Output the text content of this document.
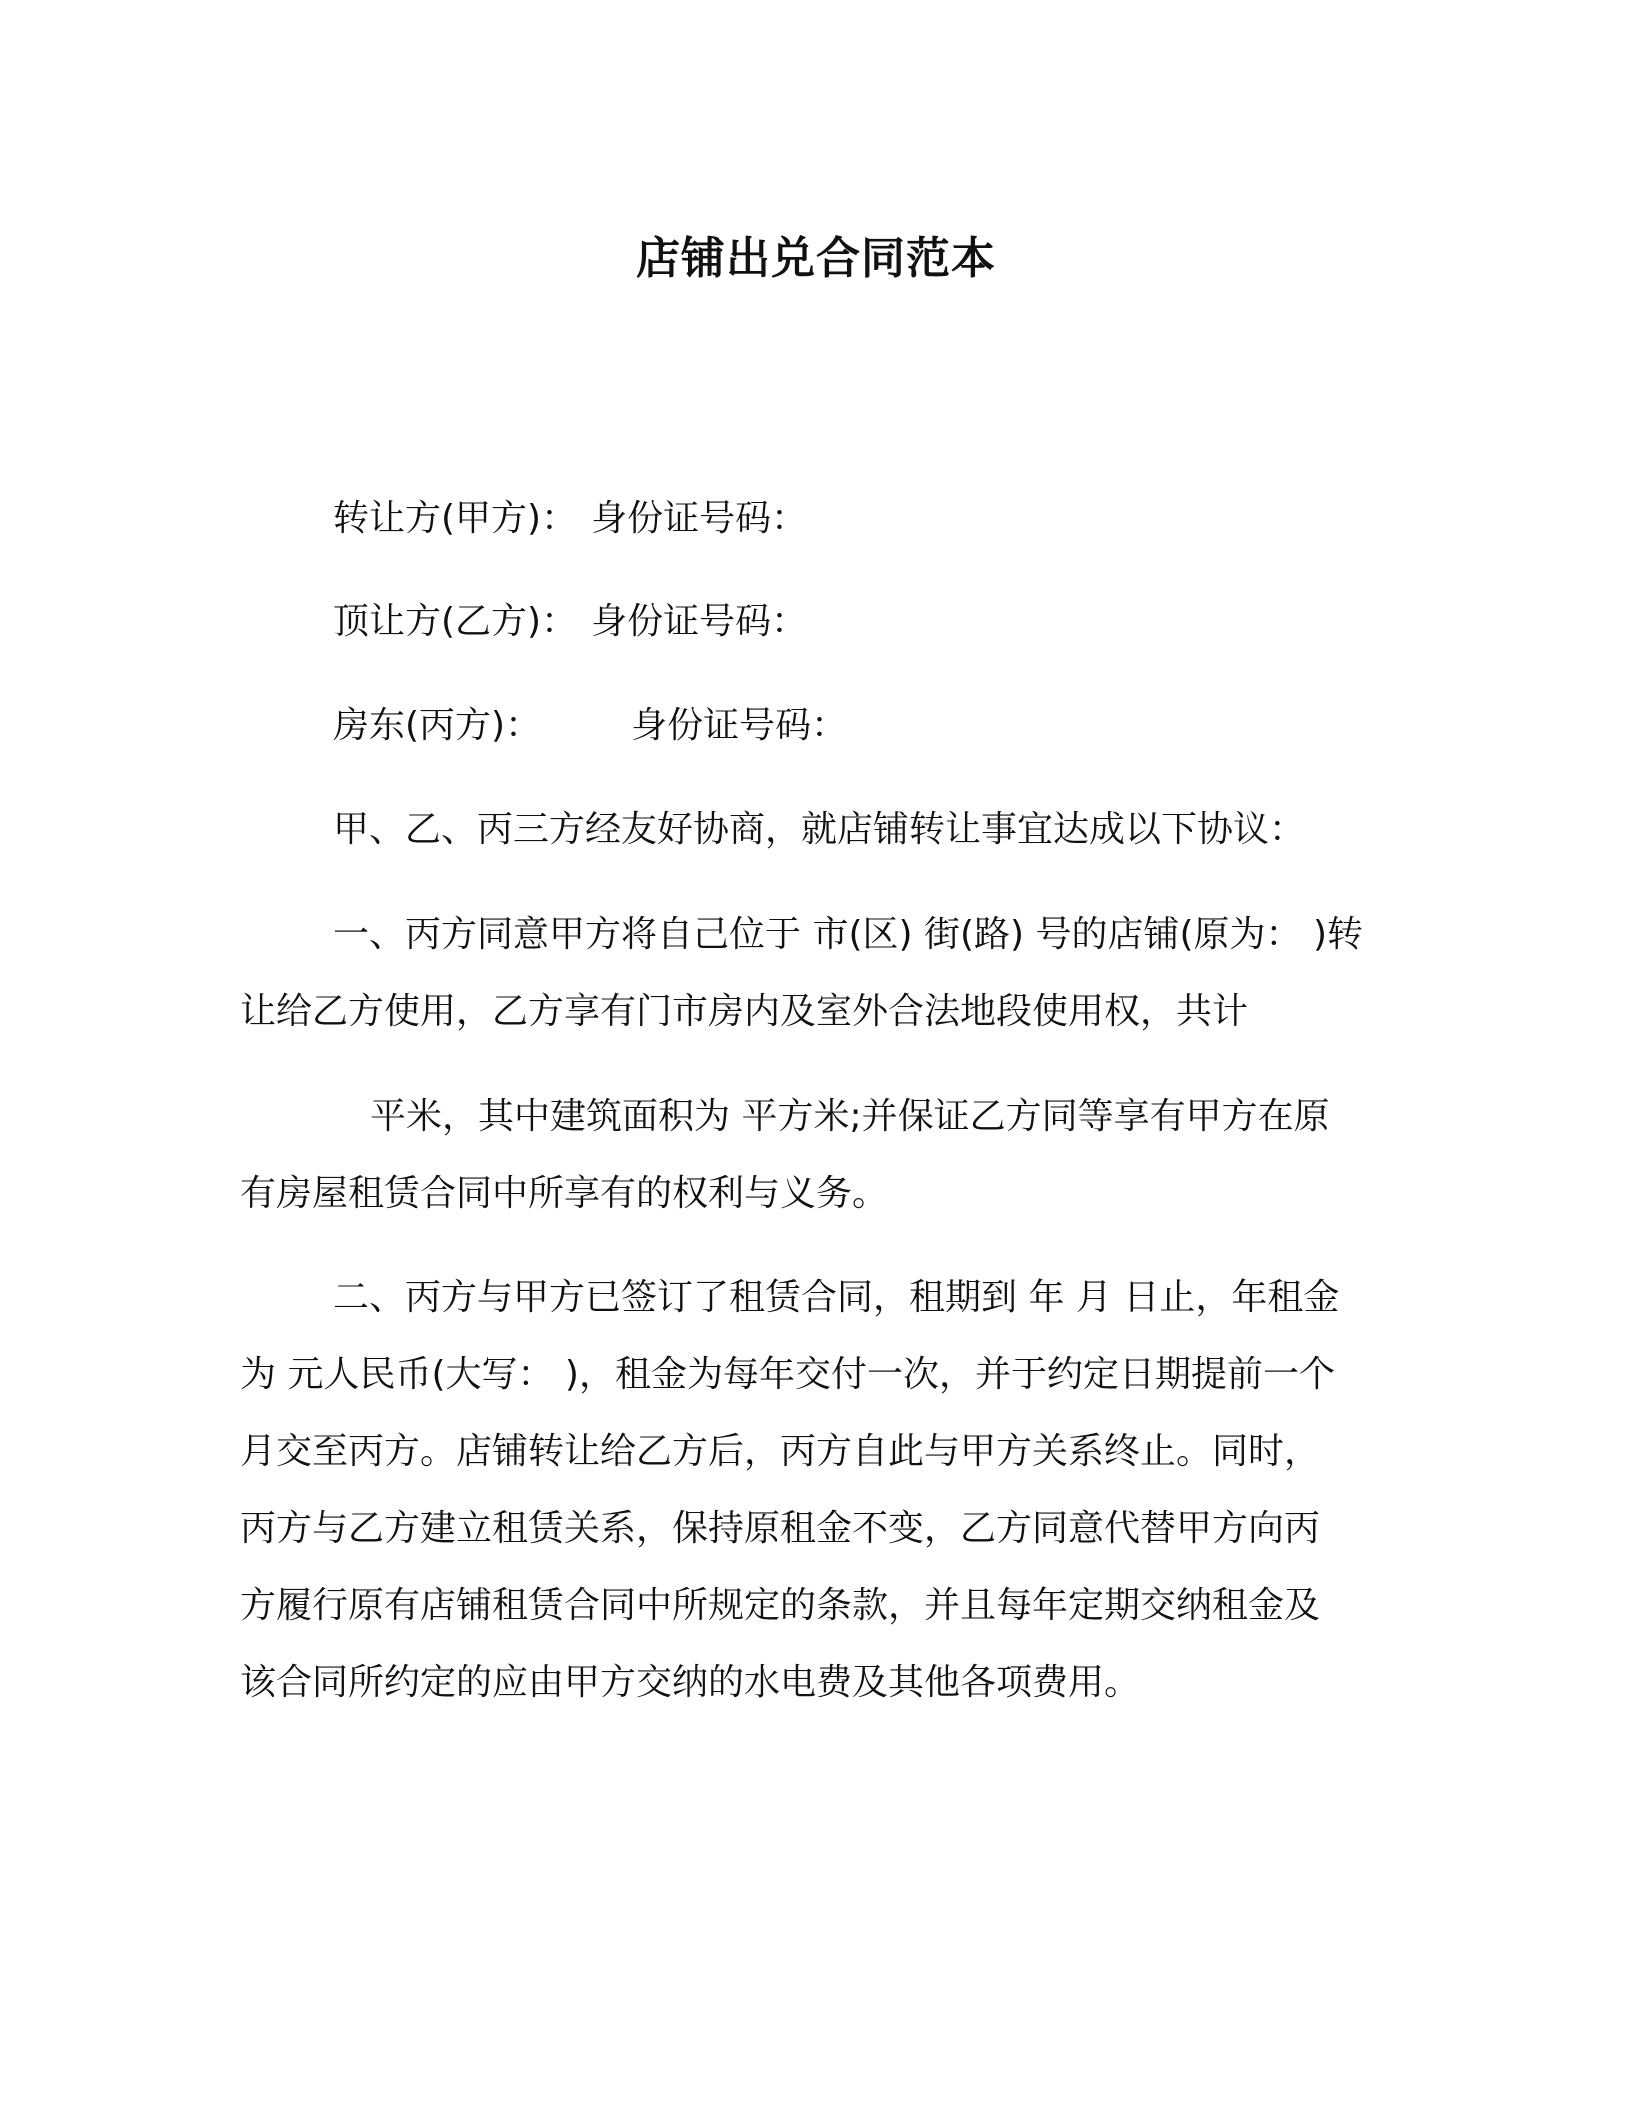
店铺出兑合同范本
转让方(甲方)： 身份证号码：
顶让方(乙方)： 身份证号码：
房东(丙方)：	身份证号码：
甲、乙、丙三方经友好协商，就店铺转让事宜达成以下协议：
一、丙方同意甲方将自己位于 市(区) 街(路) 号的店铺(原为： )转
让给乙方使用，乙方享有门市房内及室外合法地段使用权，共计
平米，其中建筑面积为 平方米;并保证乙方同等享有甲方在原
有房屋租赁合同中所享有的权利与义务。
二、丙方与甲方已签订了租赁合同，租期到 年 月 日止，年租金
为 元人民币(大写： )，租金为每年交付一次，并于约定日期提前一个
月交至丙方。店铺转让给乙方后，丙方自此与甲方关系终止。同时，
丙方与乙方建立租赁关系，保持原租金不变，乙方同意代替甲方向丙
方履行原有店铺租赁合同中所规定的条款，并且每年定期交纳租金及
该合同所约定的应由甲方交纳的水电费及其他各项费用。
